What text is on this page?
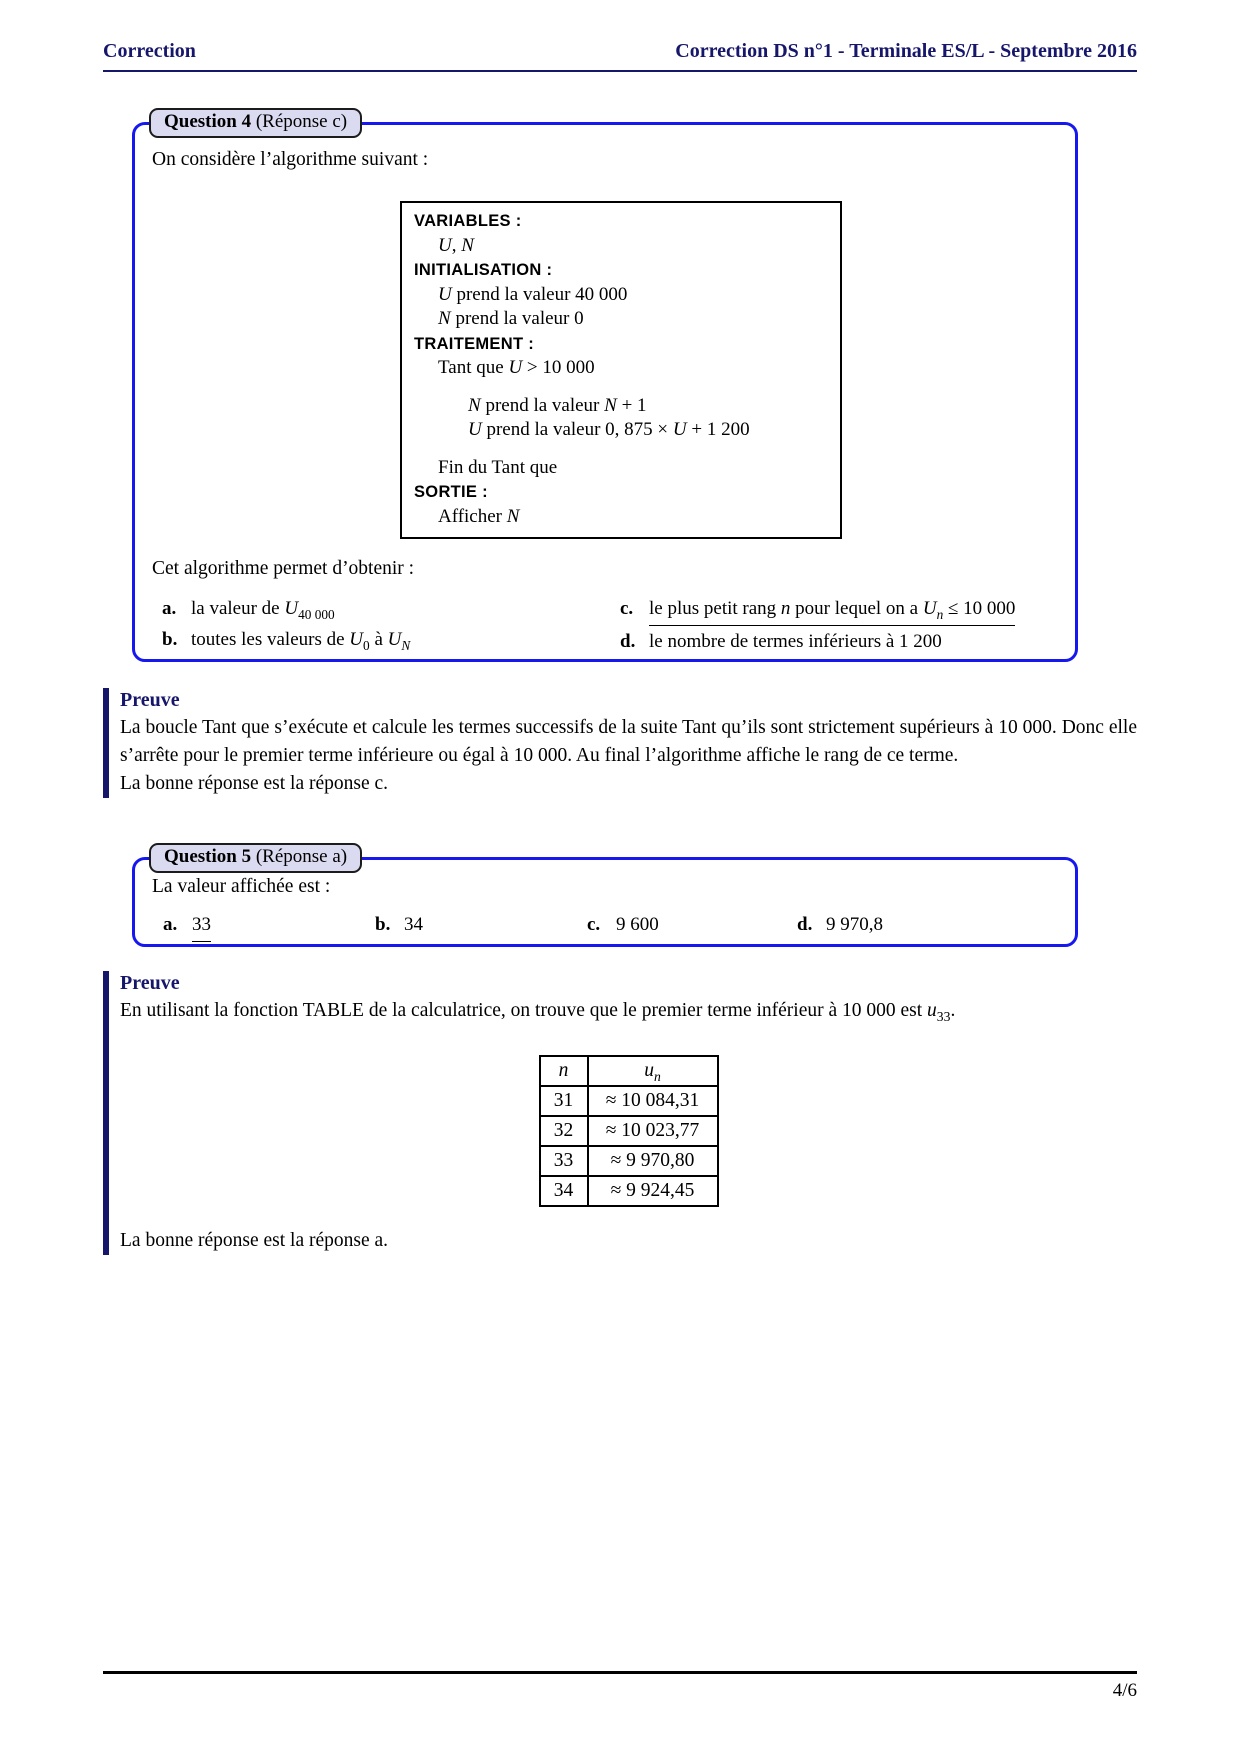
Correction	Correction DS n°1 - Terminale ES/L - Septembre 2016
Question 4 (Réponse c)
On considère l’algorithme suivant :
VARIABLES :
U, N
INITIALISATION :
U prend la valeur 40 000
N prend la valeur 0
TRAITEMENT :
Tant que U > 10 000
N prend la valeur N + 1
U prend la valeur 0, 875 × U + 1 200
Fin du Tant que
SORTIE :
Afficher N
Cet algorithme permet d’obtenir :
a. la valeur de $U_{40 000}$
b. toutes les valeurs de $U_0$ à $U_N$
c. le plus petit rang n pour lequel on a $U_n \le 10$ 000
d. le nombre de termes inférieurs à 1 200
Preuve
La boucle Tant que s’exécute et calcule les termes successifs de la suite Tant qu’ils sont strictement supérieurs à 10 000. Donc elle s’arrête pour le premier terme inférieure ou égal à 10 000. Au final l’algorithme affiche le rang de ce terme.
La bonne réponse est la réponse c.
Question 5 (Réponse a)
La valeur affichée est :
a. 33	b. 34	c. 9 600	d. 9 970,8
Preuve
En utilisant la fonction TABLE de la calculatrice, on trouve que le premier terme inférieur à 10 000 est $u_{33}$.
n	$u_n$
31	≈ 10 084,31
32	≈ 10 023,77
33	≈ 9 970,80
34	≈ 9 924,45
La bonne réponse est la réponse a.
4/6
